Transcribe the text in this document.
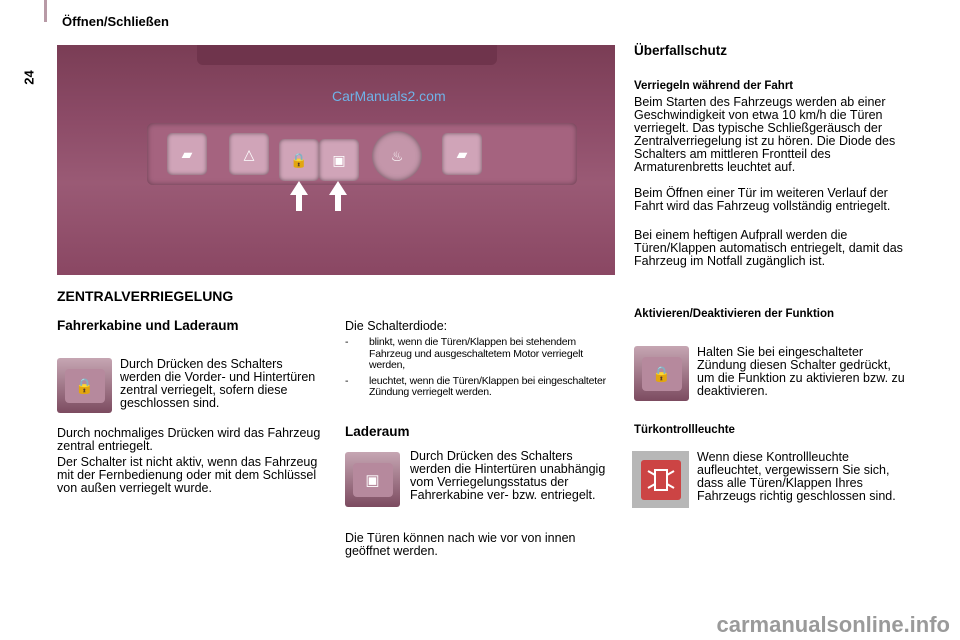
Öffnen/Schließen
24
▰	△	🔒 ▣	♨	▰
CarManuals2.com
ZENTRALVERRIEGELUNG
Fahrerkabine und Laderaum
🔒
Durch Drücken des Schalters werden die Vorder- und Hintertüren zentral verriegelt, sofern diese geschlossen sind.
Durch nochmaliges Drücken wird das Fahrzeug zentral entriegelt.
Der Schalter ist nicht aktiv, wenn das Fahrzeug mit der Fernbedienung oder mit dem Schlüssel von außen verriegelt wurde.
Die Schalterdiode:
- blinkt, wenn die Türen/Klappen bei stehendem Fahrzeug und ausgeschaltetem Motor verriegelt werden,
- leuchtet, wenn die Türen/Klappen bei eingeschalteter Zündung verriegelt werden.
Laderaum
▣
Durch Drücken des Schalters werden die Hintertüren unabhängig vom Verriegelungsstatus der Fahrerkabine ver- bzw. entriegelt.
Die Türen können nach wie vor von innen geöffnet werden.
Überfallschutz
Verriegeln während der Fahrt
Beim Starten des Fahrzeugs werden ab einer Geschwindigkeit von etwa 10 km/h die Türen verriegelt. Das typische Schließgeräusch der Zentralverriegelung ist zu hören. Die Diode des Schalters am mittleren Frontteil des Armaturenbretts leuchtet auf.
Beim Öffnen einer Tür im weiteren Verlauf der Fahrt wird das Fahrzeug vollständig entriegelt.
Bei einem heftigen Aufprall werden die Türen/Klappen automatisch entriegelt, damit das Fahrzeug im Notfall zugänglich ist.
Aktivieren/Deaktivieren der Funktion
🔒
Halten Sie bei eingeschalteter Zündung diesen Schalter gedrückt, um die Funktion zu aktivieren bzw. zu deaktivieren.
Türkontrollleuchte
Wenn diese Kontrollleuchte aufleuchtet, vergewissern Sie sich, dass alle Türen/Klappen Ihres Fahrzeugs richtig geschlossen sind.
carmanualsonline.info
